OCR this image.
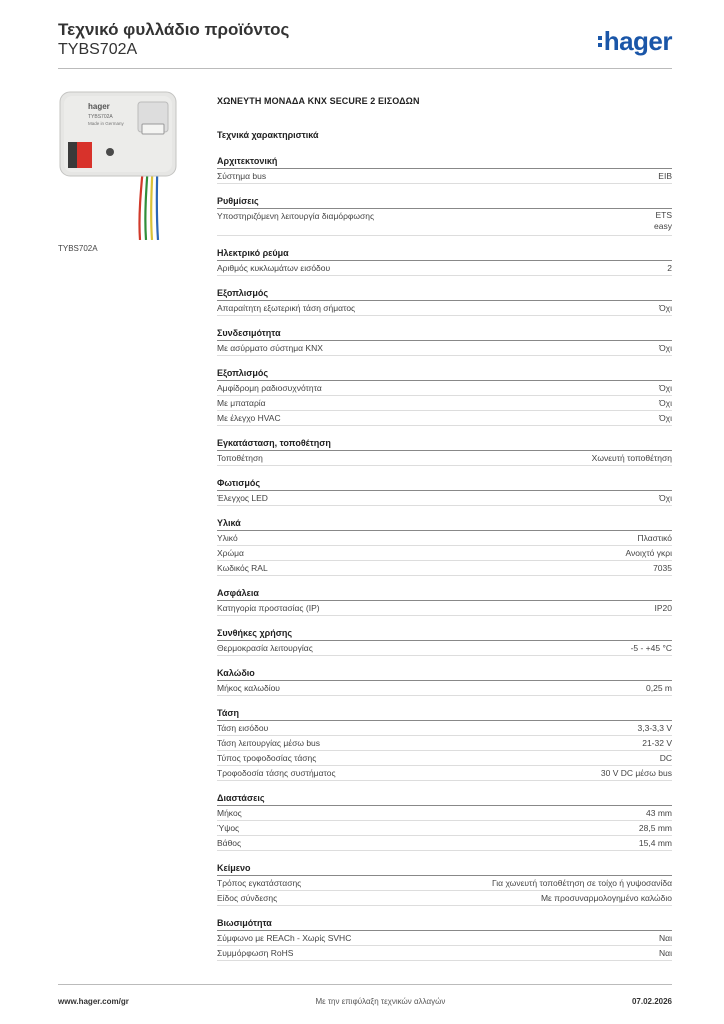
Τεχνικό φυλλάδιο προϊόντος
TYBS702A	hager
hager
TYBS702A
Made in Germany
TYBS702A
ΧΩΝΕΥΤΗ ΜΟΝΑΔΑ KNX SECURE 2 ΕΙΣΟΔΩΝ
Τεχνικά χαρακτηριστικά
Αρχιτεκτονική
Σύστημα bus	EIB
Ρυθμίσεις
Υποστηριζόμενη λειτουργία διαμόρφωσης	ETS
easy
Ηλεκτρικό ρεύμα
Αριθμός κυκλωμάτων εισόδου	2
Εξοπλισμός
Απαραίτητη εξωτερική τάση σήματος	Όχι
Συνδεσιμότητα
Με ασύρματο σύστημα KNX	Όχι
Εξοπλισμός
Αμφίδρομη ραδιοσυχνότητα	Όχι
Με μπαταρία	Όχι
Με έλεγχο HVAC	Όχι
Εγκατάσταση, τοποθέτηση
Τοποθέτηση	Χωνευτή τοποθέτηση
Φωτισμός
Έλεγχος LED	Όχι
Υλικά
Υλικό	Πλαστικό
Χρώμα	Ανοιχτό γκρι
Κωδικός RAL	7035
Ασφάλεια
Κατηγορία προστασίας (IP)	IP20
Συνθήκες χρήσης
Θερμοκρασία λειτουργίας	-5 - +45 °C
Καλώδιο
Μήκος καλωδίου	0,25 m
Τάση
Τάση εισόδου	3,3-3,3 V
Τάση λειτουργίας μέσω bus	21-32 V
Τύπος τροφοδοσίας τάσης	DC
Τροφοδοσία τάσης συστήματος	30 V DC μέσω bus
Διαστάσεις
Μήκος	43 mm
Ύψος	28,5 mm
Βάθος	15,4 mm
Κείμενο
Τρόπος εγκατάστασης	Για χωνευτή τοποθέτηση σε τοίχο ή γυψοσανίδα
Είδος σύνδεσης	Με προσυναρμολογημένο καλώδιο
Βιωσιμότητα
Σύμφωνο με REACh - Χωρίς SVHC	Ναι
Συμμόρφωση RoHS	Ναι
www.hager.com/gr	Με την επιφύλαξη τεχνικών αλλαγών	07.02.2026
